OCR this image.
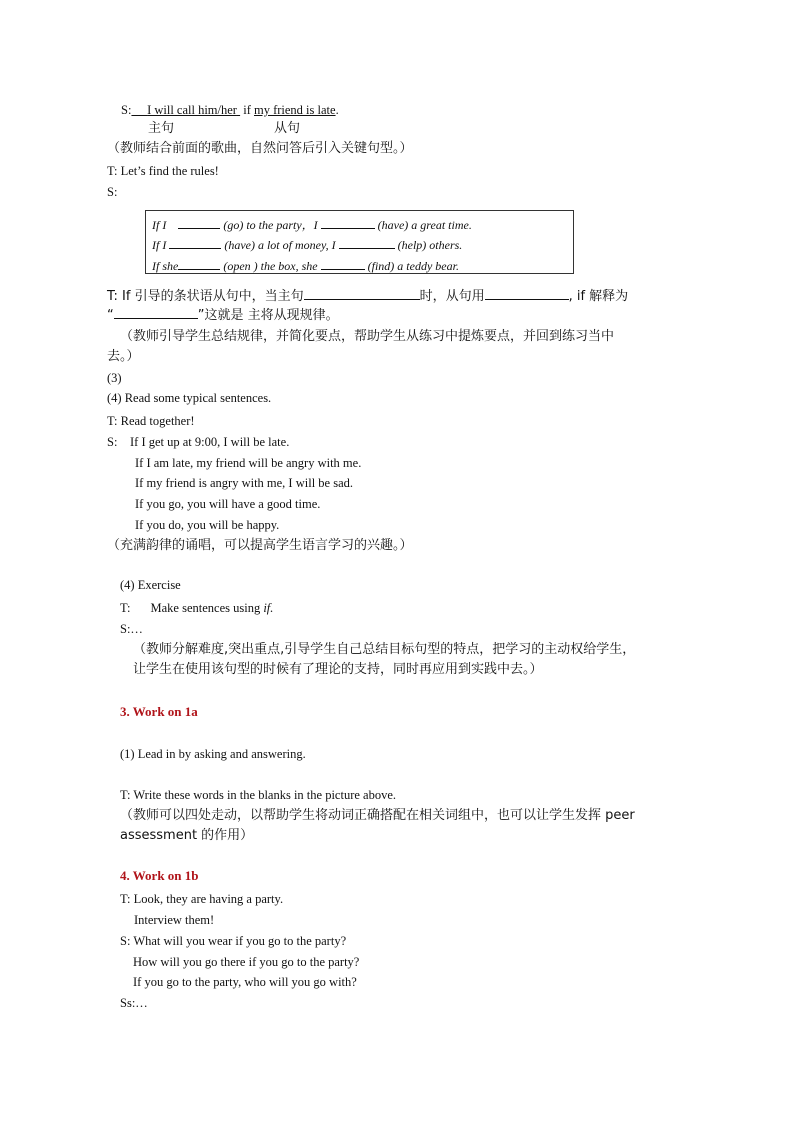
S: I will call him/her if my friend is late.
主句	从句
（教师结合前面的歌曲，自然问答后引入关键句型。）
T: Let’s find the rules!
S:
If I	(go) to the party，I	(have) a great time.
If I	(have) a lot of money, I	(help) others.
If she	(open ) the box, she	(find) a teddy bear.
T: If 引导的条状语从句中，当主句	时，从句用	, if 解释为
“	”这就是 主将从现规律。
（教师引导学生总结规律，并简化要点，帮助学生从练习中提炼要点，并回到练习当中
去。）
(3)
(4) Read some typical sentences.
T: Read together!
S: If I get up at 9:00, I will be late.
If I am late, my friend will be angry with me.
If my friend is angry with me, I will be sad.
If you go, you will have a good time.
If you do, you will be happy.
（充满韵律的诵唱，可以提高学生语言学习的兴趣。）
(4) Exercise
T: Make sentences using if.
S:…
（教师分解难度,突出重点,引导学生自己总结目标句型的特点，把学习的主动权给学生，
让学生在使用该句型的时候有了理论的支持，同时再应用到实践中去。）
3. Work on 1a
(1) Lead in by asking and answering.
T: Write these words in the blanks in the picture above.
（教师可以四处走动，以帮助学生将动词正确搭配在相关词组中，也可以让学生发挥 peer
assessment 的作用）
4. Work on 1b
T: Look, they are having a party.
Interview them!
S: What will you wear if you go to the party?
How will you go there if you go to the party?
If you go to the party, who will you go with?
Ss:…
